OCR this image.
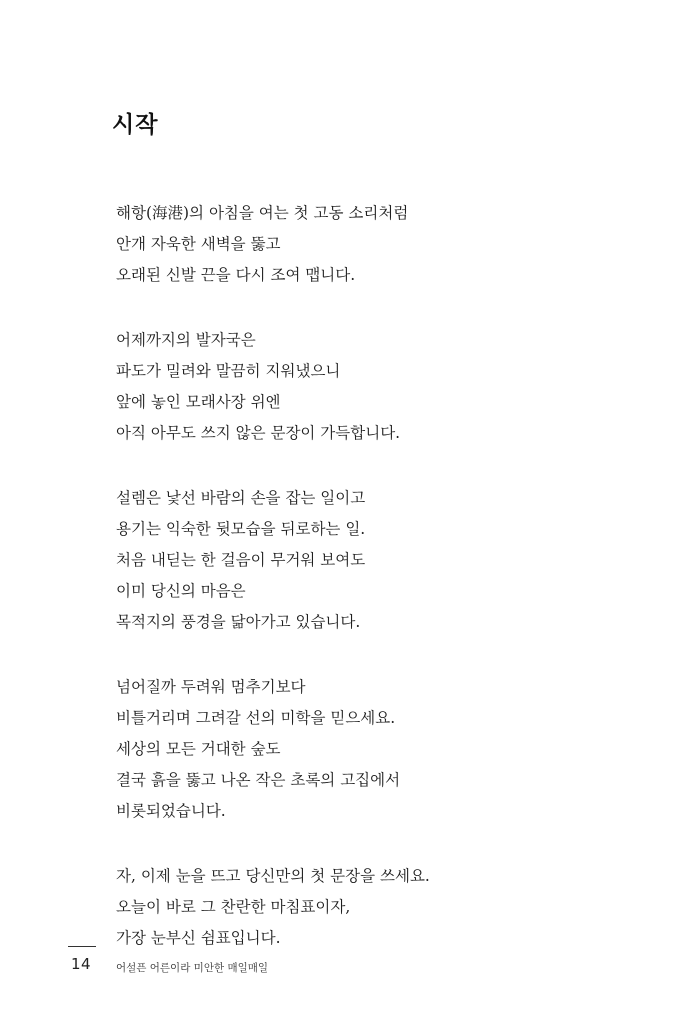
시작

해항(海港)의 아침을 여는 첫 고동 소리처럼
안개 자욱한 새벽을 뚫고
오래된 신발 끈을 다시 조여 맵니다.

어제까지의 발자국은
파도가 밀려와 말끔히 지워냈으니
앞에 놓인 모래사장 위엔
아직 아무도 쓰지 않은 문장이 가득합니다.

설렘은 낯선 바람의 손을 잡는 일이고
용기는 익숙한 뒷모습을 뒤로하는 일.
처음 내딛는 한 걸음이 무거워 보여도
이미 당신의 마음은
목적지의 풍경을 닮아가고 있습니다.

넘어질까 두려워 멈추기보다
비틀거리며 그려갈 선의 미학을 믿으세요.
세상의 모든 거대한 숲도
결국 흙을 뚫고 나온 작은 초록의 고집에서
비롯되었습니다.

자, 이제 눈을 뜨고 당신만의 첫 문장을 쓰세요.
오늘이 바로 그 찬란한 마침표이자,
가장 눈부신 쉼표입니다.

14 어설픈 어른이라 미안한 매일매일
